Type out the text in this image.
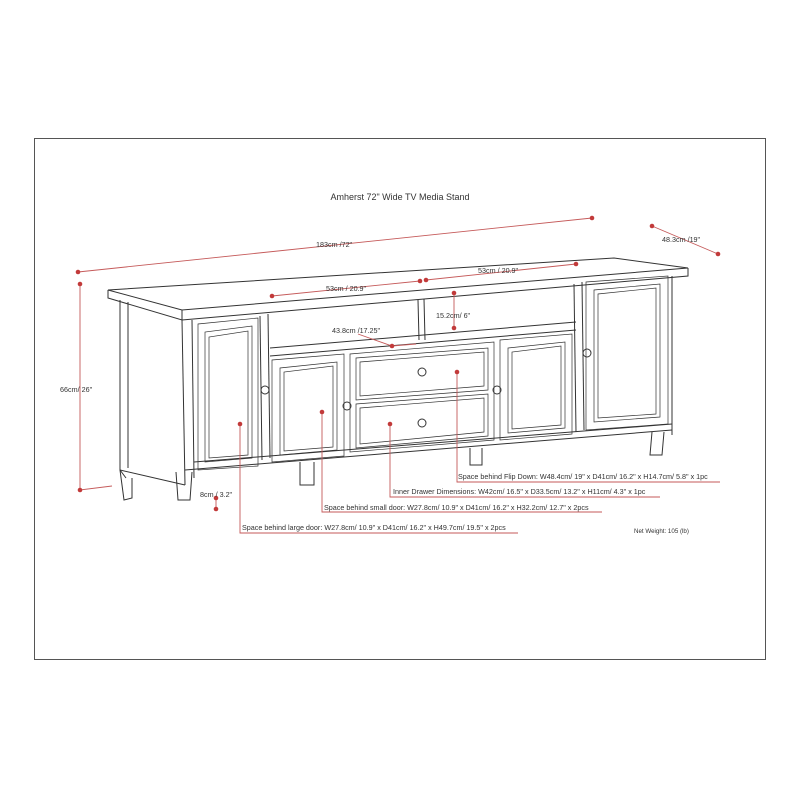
Amherst 72" Wide TV Media Stand
183cm /72"
48.3cm /19"
66cm/ 26"
53cm / 20.9"
53cm / 20.9"
43.8cm /17.25"
15.2cm/ 6"
8cm / 3.2"
Space behind Flip Down: W48.4cm/ 19" x D41cm/ 16.2" x H14.7cm/ 5.8" x 1pc
Inner Drawer Dimensions: W42cm/ 16.5" x D33.5cm/ 13.2" x H11cm/ 4.3" x 1pc
Space behind small door: W27.8cm/ 10.9" x D41cm/ 16.2" x H32.2cm/ 12.7" x 2pcs
Space behind large door: W27.8cm/ 10.9" x D41cm/ 16.2" x H49.7cm/ 19.5" x 2pcs	Net Weight: 105 (lb)
